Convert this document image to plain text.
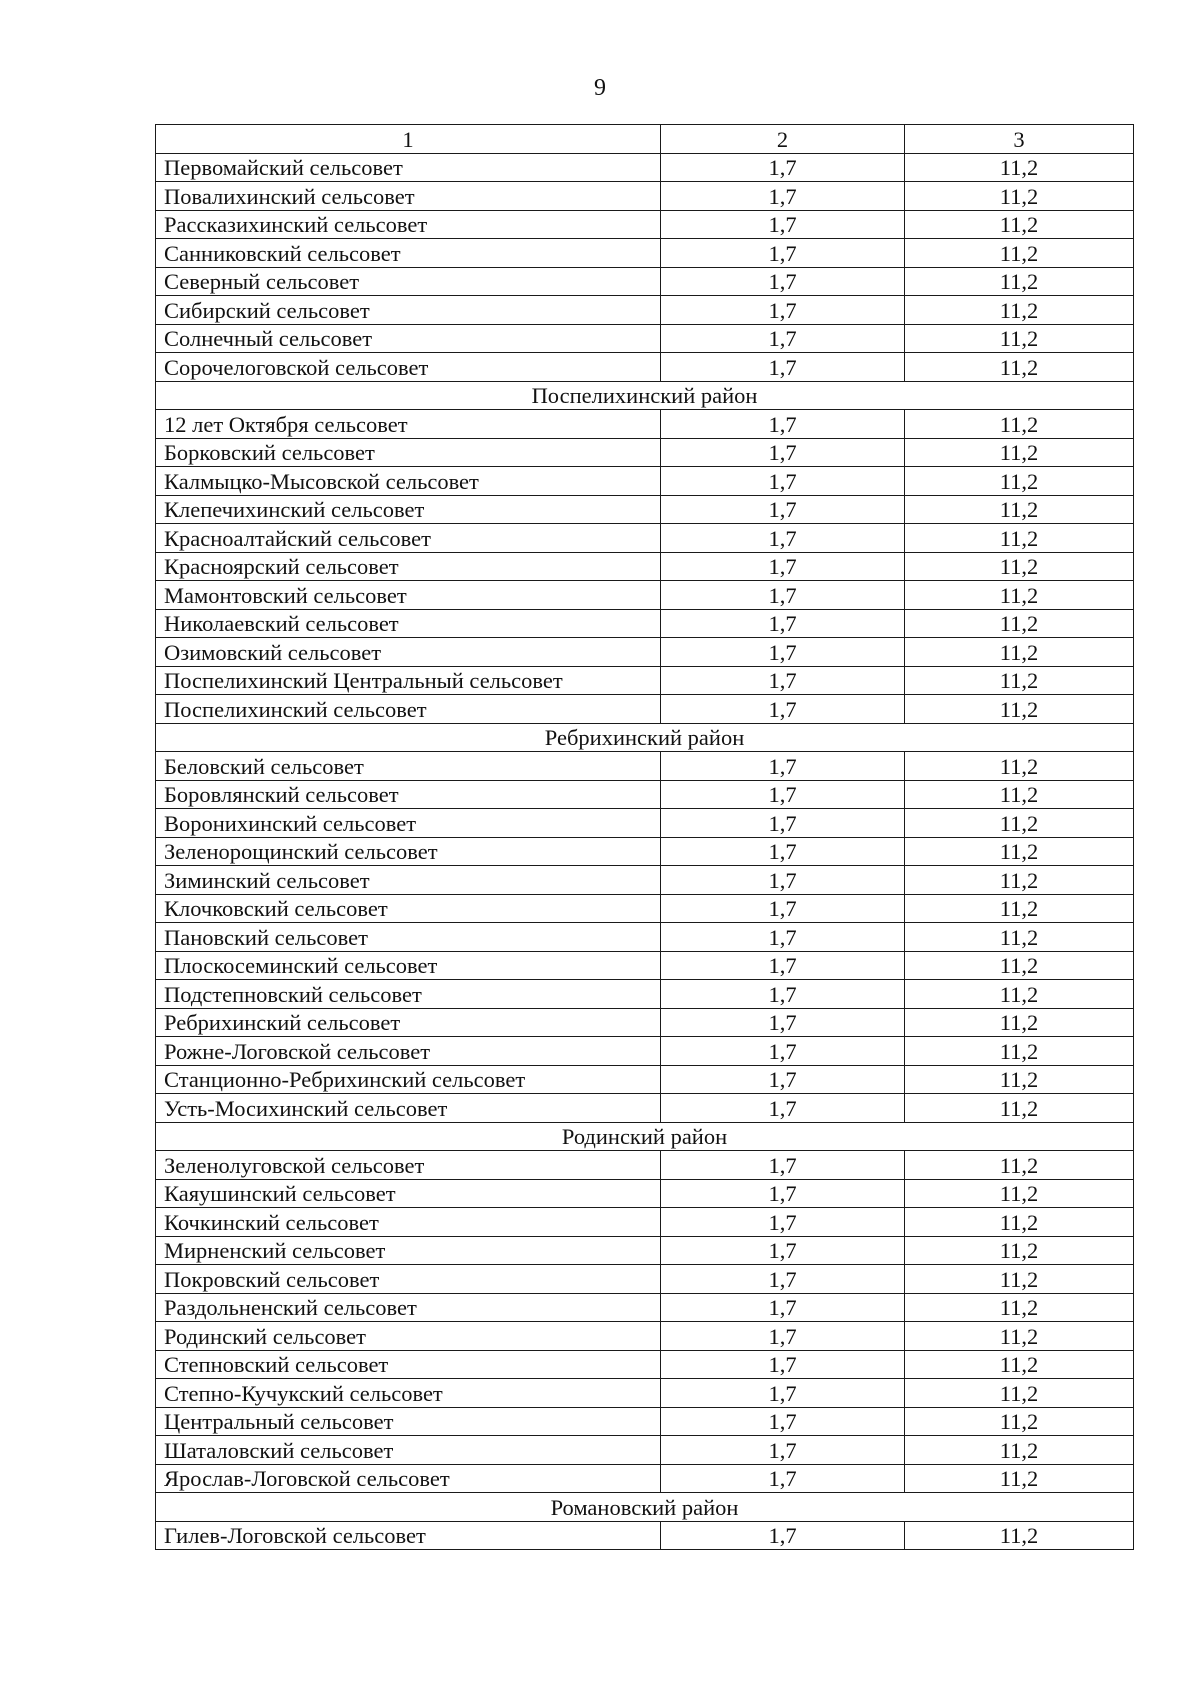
9
1	2	3
Первомайский сельсовет	1,7	11,2
Повалихинский сельсовет	1,7	11,2
Рассказихинский сельсовет	1,7	11,2
Санниковский сельсовет	1,7	11,2
Северный сельсовет	1,7	11,2
Сибирский сельсовет	1,7	11,2
Солнечный сельсовет	1,7	11,2
Сорочелоговской сельсовет	1,7	11,2
Поспелихинский район		
12 лет Октября сельсовет	1,7	11,2
Борковский сельсовет	1,7	11,2
Калмыцко-Мысовской сельсовет	1,7	11,2
Клепечихинский сельсовет	1,7	11,2
Красноалтайский сельсовет	1,7	11,2
Красноярский сельсовет	1,7	11,2
Мамонтовский сельсовет	1,7	11,2
Николаевский сельсовет	1,7	11,2
Озимовский сельсовет	1,7	11,2
Поспелихинский Центральный сельсовет	1,7	11,2
Поспелихинский сельсовет	1,7	11,2
Ребрихинский район		
Беловский сельсовет	1,7	11,2
Боровлянский сельсовет	1,7	11,2
Воронихинский сельсовет	1,7	11,2
Зеленорощинский сельсовет	1,7	11,2
Зиминский сельсовет	1,7	11,2
Клочковский сельсовет	1,7	11,2
Пановский сельсовет	1,7	11,2
Плоскосеминский сельсовет	1,7	11,2
Подстепновский сельсовет	1,7	11,2
Ребрихинский сельсовет	1,7	11,2
Рожне-Логовской сельсовет	1,7	11,2
Станционно-Ребрихинский сельсовет	1,7	11,2
Усть-Мосихинский сельсовет	1,7	11,2
Родинский район		
Зеленолуговской сельсовет	1,7	11,2
Каяушинский сельсовет	1,7	11,2
Кочкинский сельсовет	1,7	11,2
Мирненский сельсовет	1,7	11,2
Покровский сельсовет	1,7	11,2
Раздольненский сельсовет	1,7	11,2
Родинский сельсовет	1,7	11,2
Степновский сельсовет	1,7	11,2
Степно-Кучукский сельсовет	1,7	11,2
Центральный сельсовет	1,7	11,2
Шаталовский сельсовет	1,7	11,2
Ярослав-Логовской сельсовет	1,7	11,2
Романовский район		
Гилев-Логовской сельсовет	1,7	11,2
